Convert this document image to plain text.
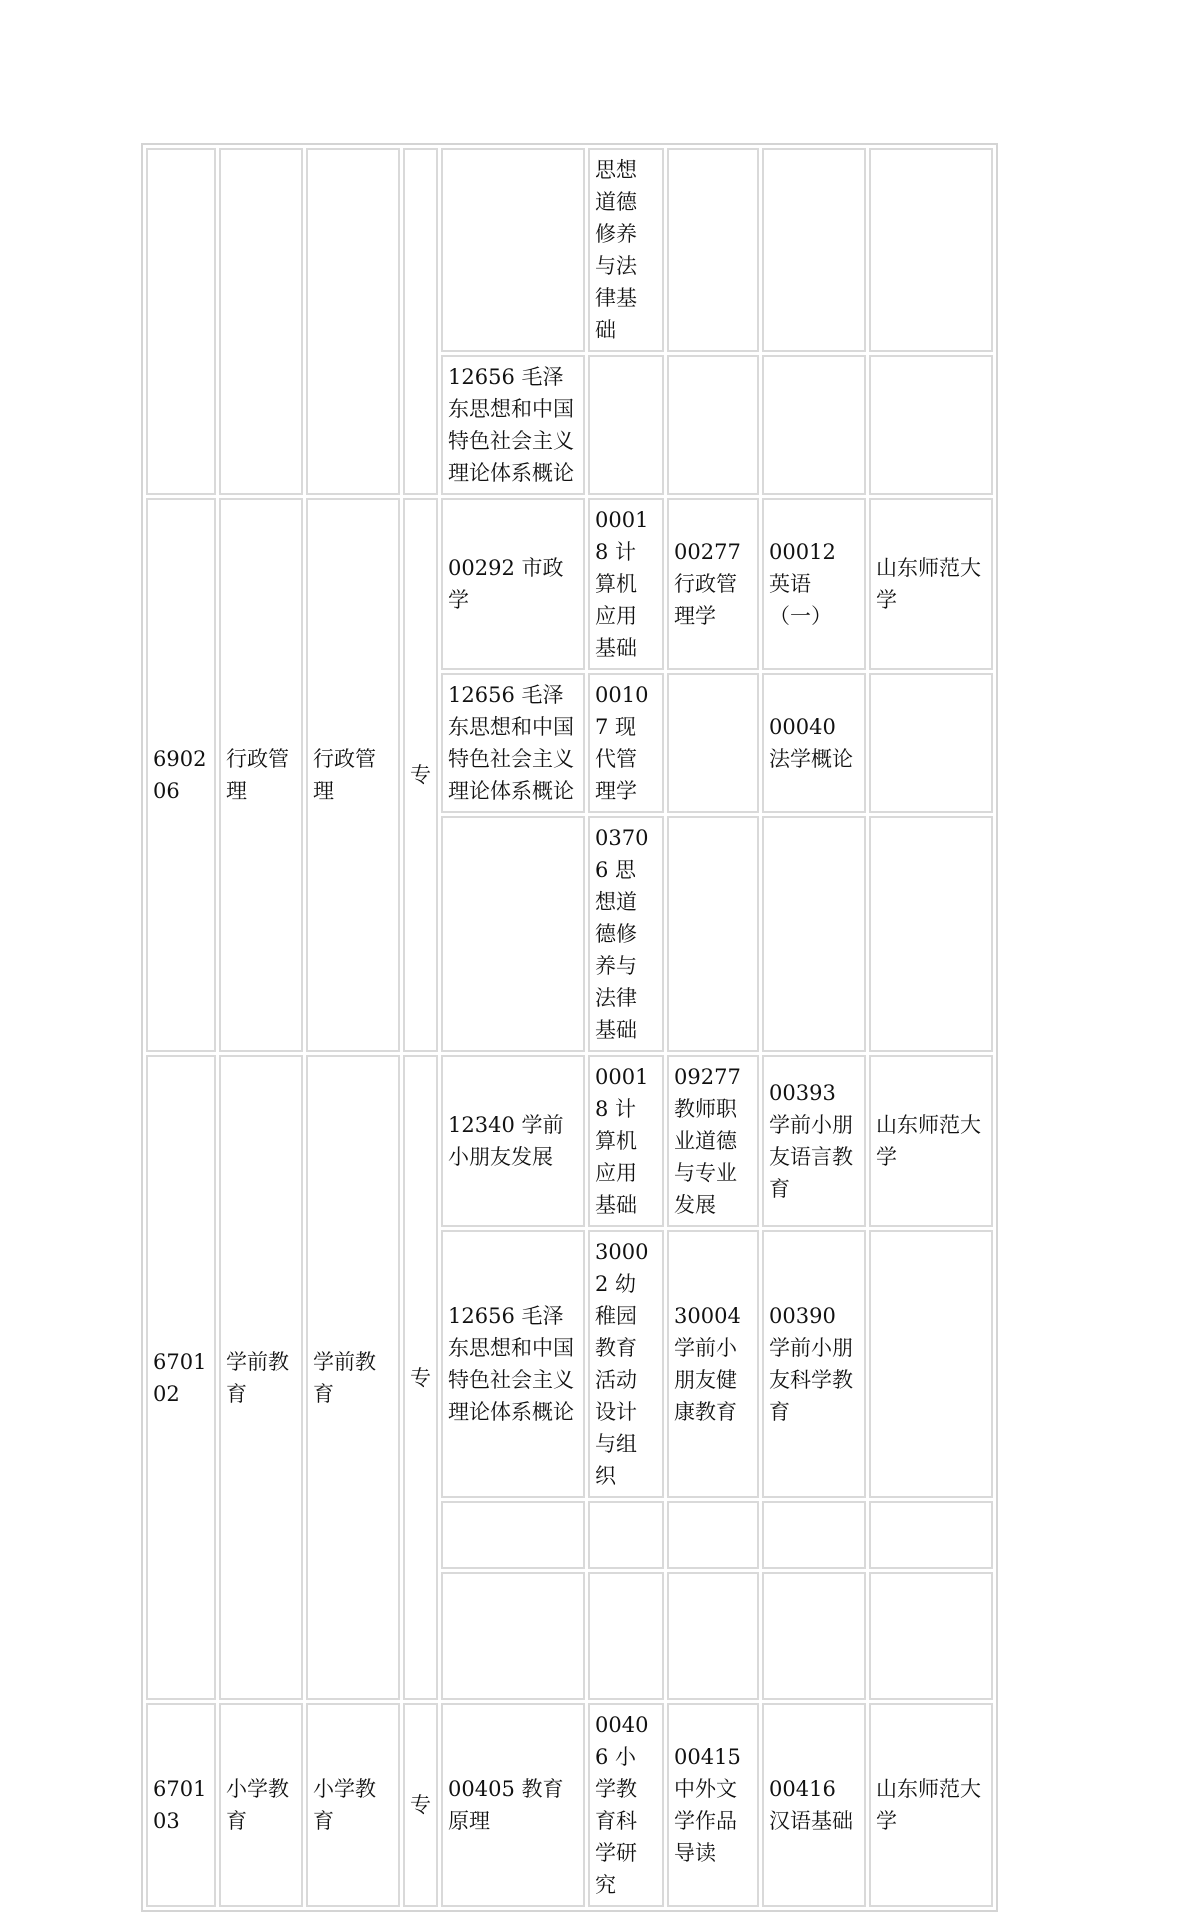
					思想道德修养与法律基础			
				12656 毛泽东思想和中国特色社会主义理论体系概论				
690206	行政管理	行政管理	专	00292 市政学	00018 计算机应用基础	00277 行政管理学	00012 英语（一）	山东师范大学
				12656 毛泽东思想和中国特色社会主义理论体系概论	00107 现代管理学		00040 法学概论	
					03706 思想道德修养与法律基础			
670102	学前教育	学前教育	专	12340 学前小朋友发展	00018 计算机应用基础	09277 教师职业道德与专业发展	00393 学前小朋友语言教育	山东师范大学
				12656 毛泽东思想和中国特色社会主义理论体系概论	30002 幼稚园教育活动设计与组织	30004 学前小朋友健康教育	00390 学前小朋友科学教育	

670103	小学教育	小学教育	专	00405 教育原理	00406 小学教育科学研究	00415 中外文学作品导读	00416 汉语基础	山东师范大学
